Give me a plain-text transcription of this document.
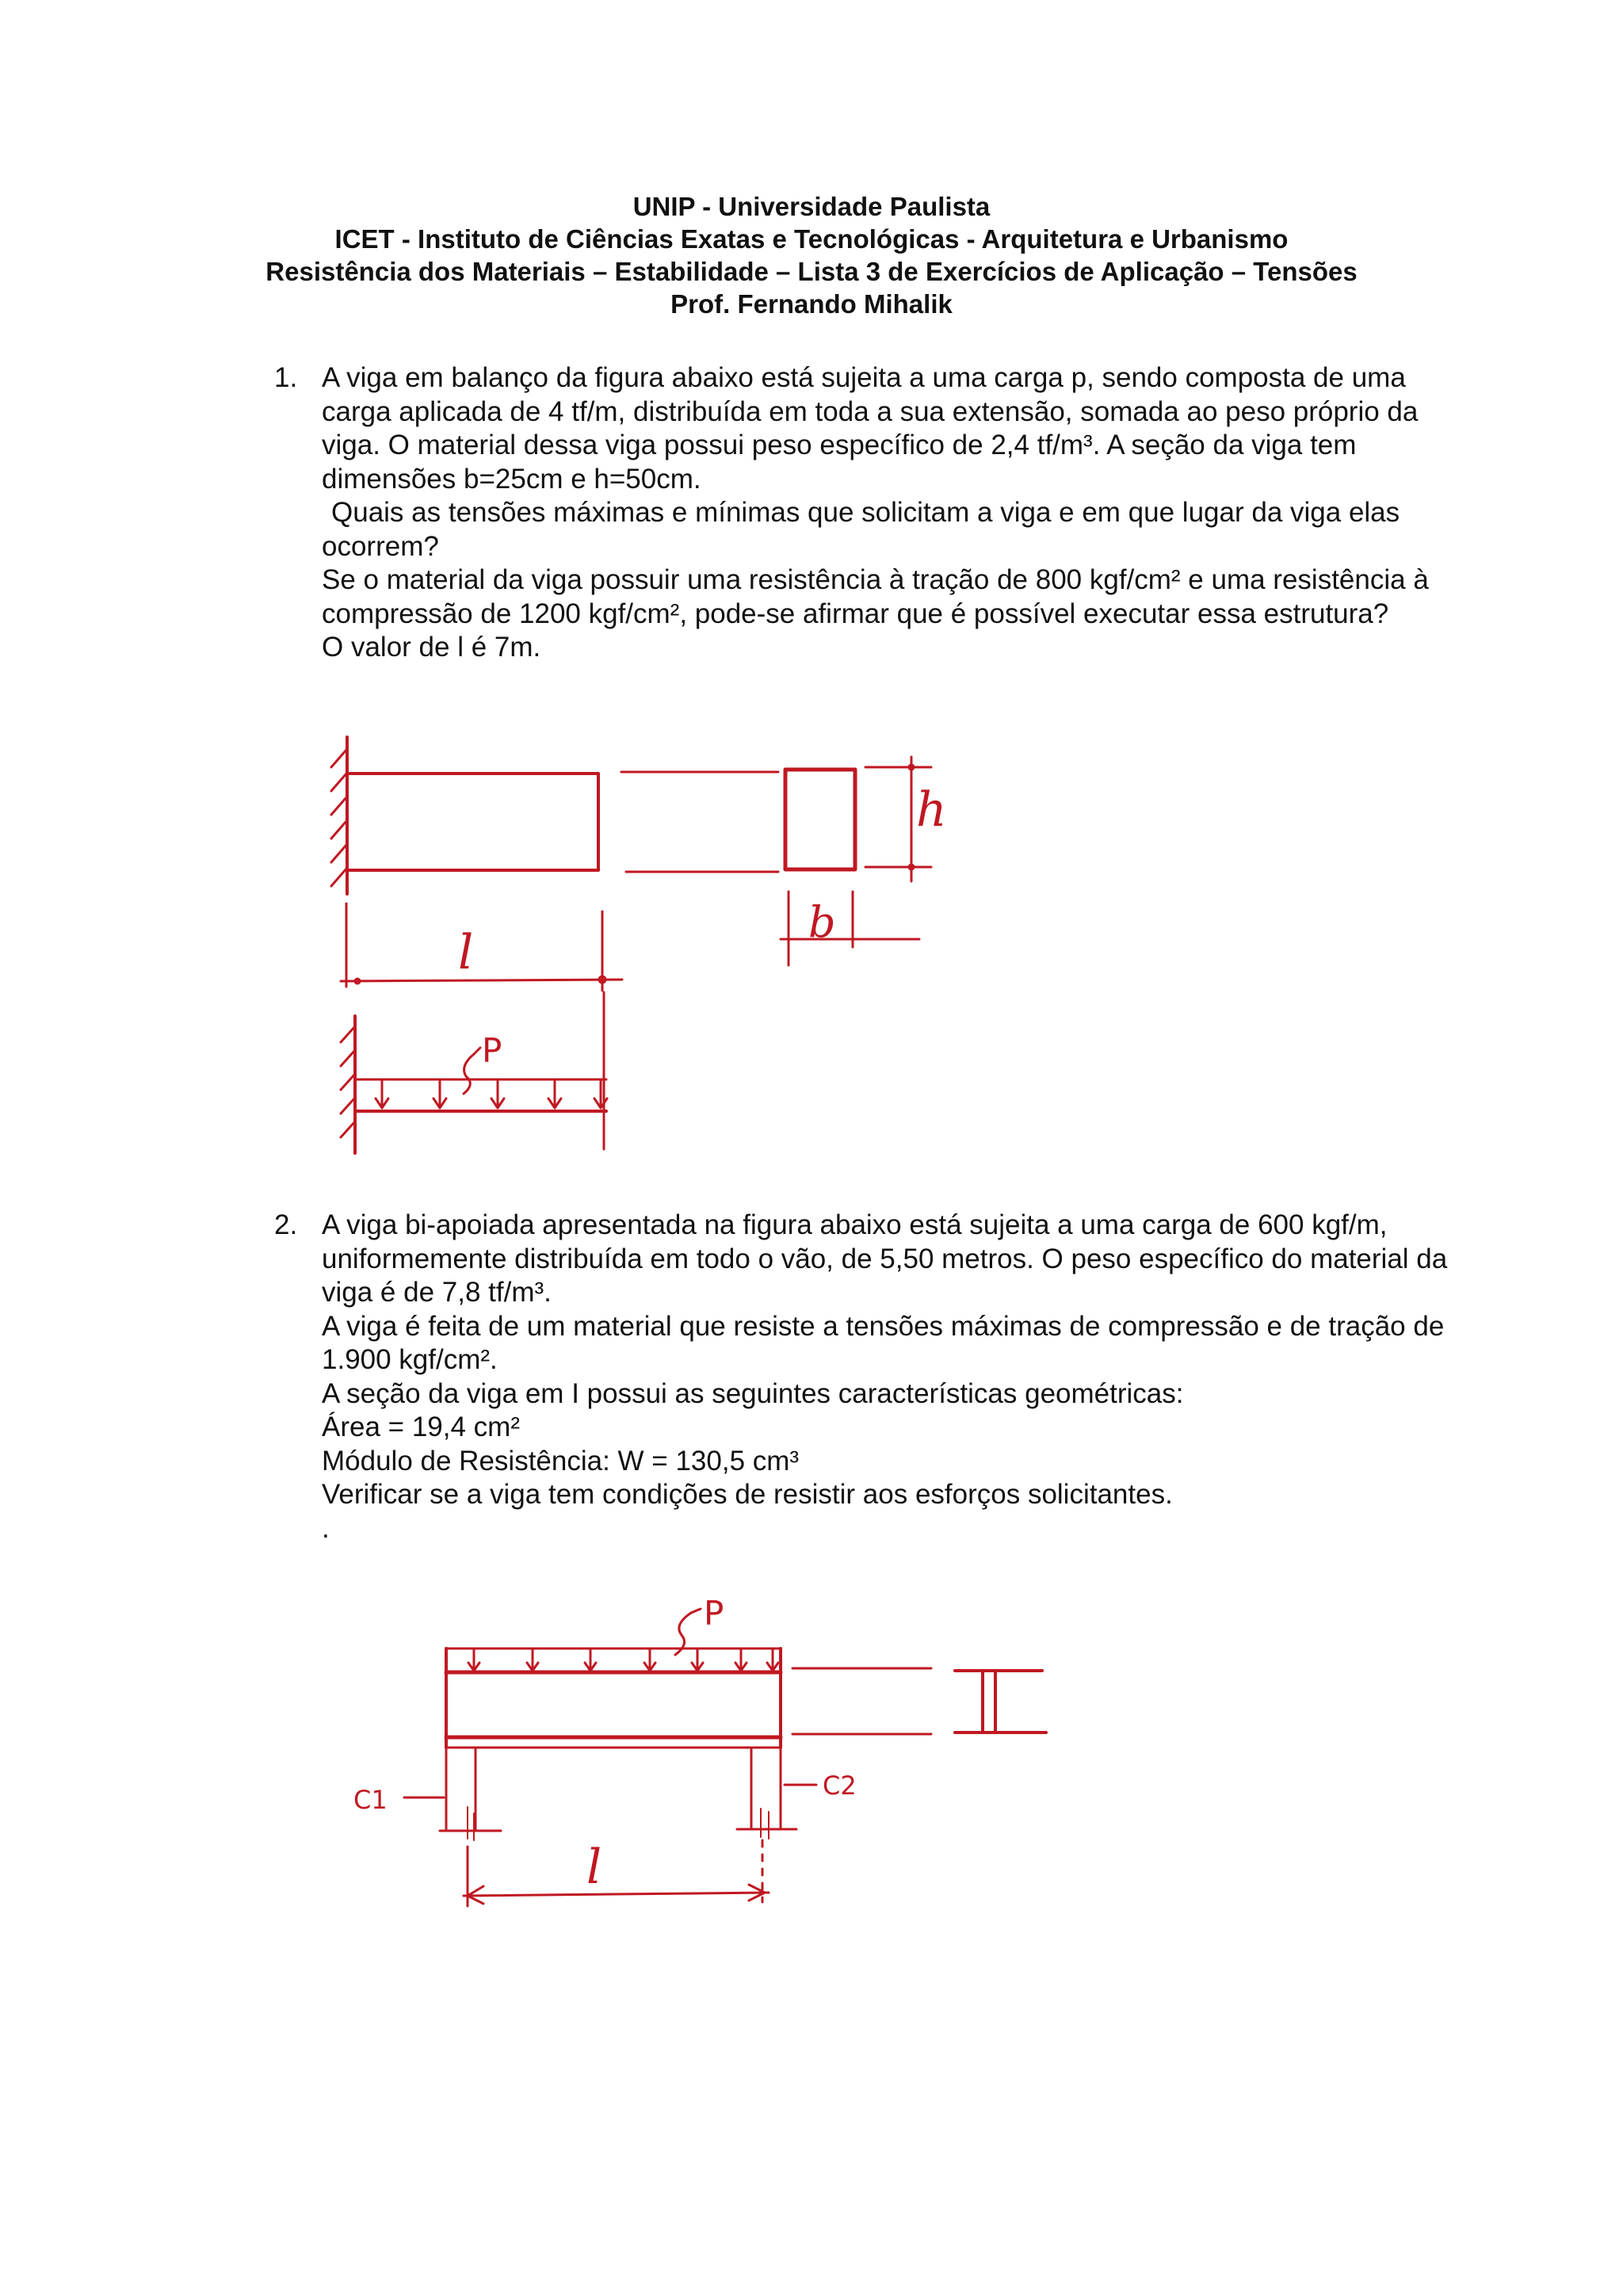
UNIP - Universidade Paulista
ICET - Instituto de Ciências Exatas e Tecnológicas - Arquitetura e Urbanismo
Resistência dos Materiais – Estabilidade – Lista 3 de Exercícios de Aplicação – Tensões
Prof. Fernando Mihalik
1. A viga em balanço da figura abaixo está sujeita a uma carga p, sendo composta de uma
carga aplicada de 4 tf/m, distribuída em toda a sua extensão, somada ao peso próprio da
viga. O material dessa viga possui peso específico de 2,4 tf/m³. A seção da viga tem
dimensões b=25cm e h=50cm.
Quais as tensões máximas e mínimas que solicitam a viga e em que lugar da viga elas
ocorrem?
Se o material da viga possuir uma resistência à tração de 800 kgf/cm² e uma resistência à
compressão de 1200 kgf/cm², pode-se afirmar que é possível executar essa estrutura?
O valor de l é 7m.
h
b
l
P
2. A viga bi-apoiada apresentada na figura abaixo está sujeita a uma carga de 600 kgf/m,
uniformemente distribuída em todo o vão, de 5,50 metros. O peso específico do material da
viga é de 7,8 tf/m³.
A viga é feita de um material que resiste a tensões máximas de compressão e de tração de
1.900 kgf/cm².
A seção da viga em I possui as seguintes características geométricas:
Área = 19,4 cm²
Módulo de Resistência: W = 130,5 cm³
Verificar se a viga tem condições de resistir aos esforços solicitantes.
.
P
C1	C2
l
